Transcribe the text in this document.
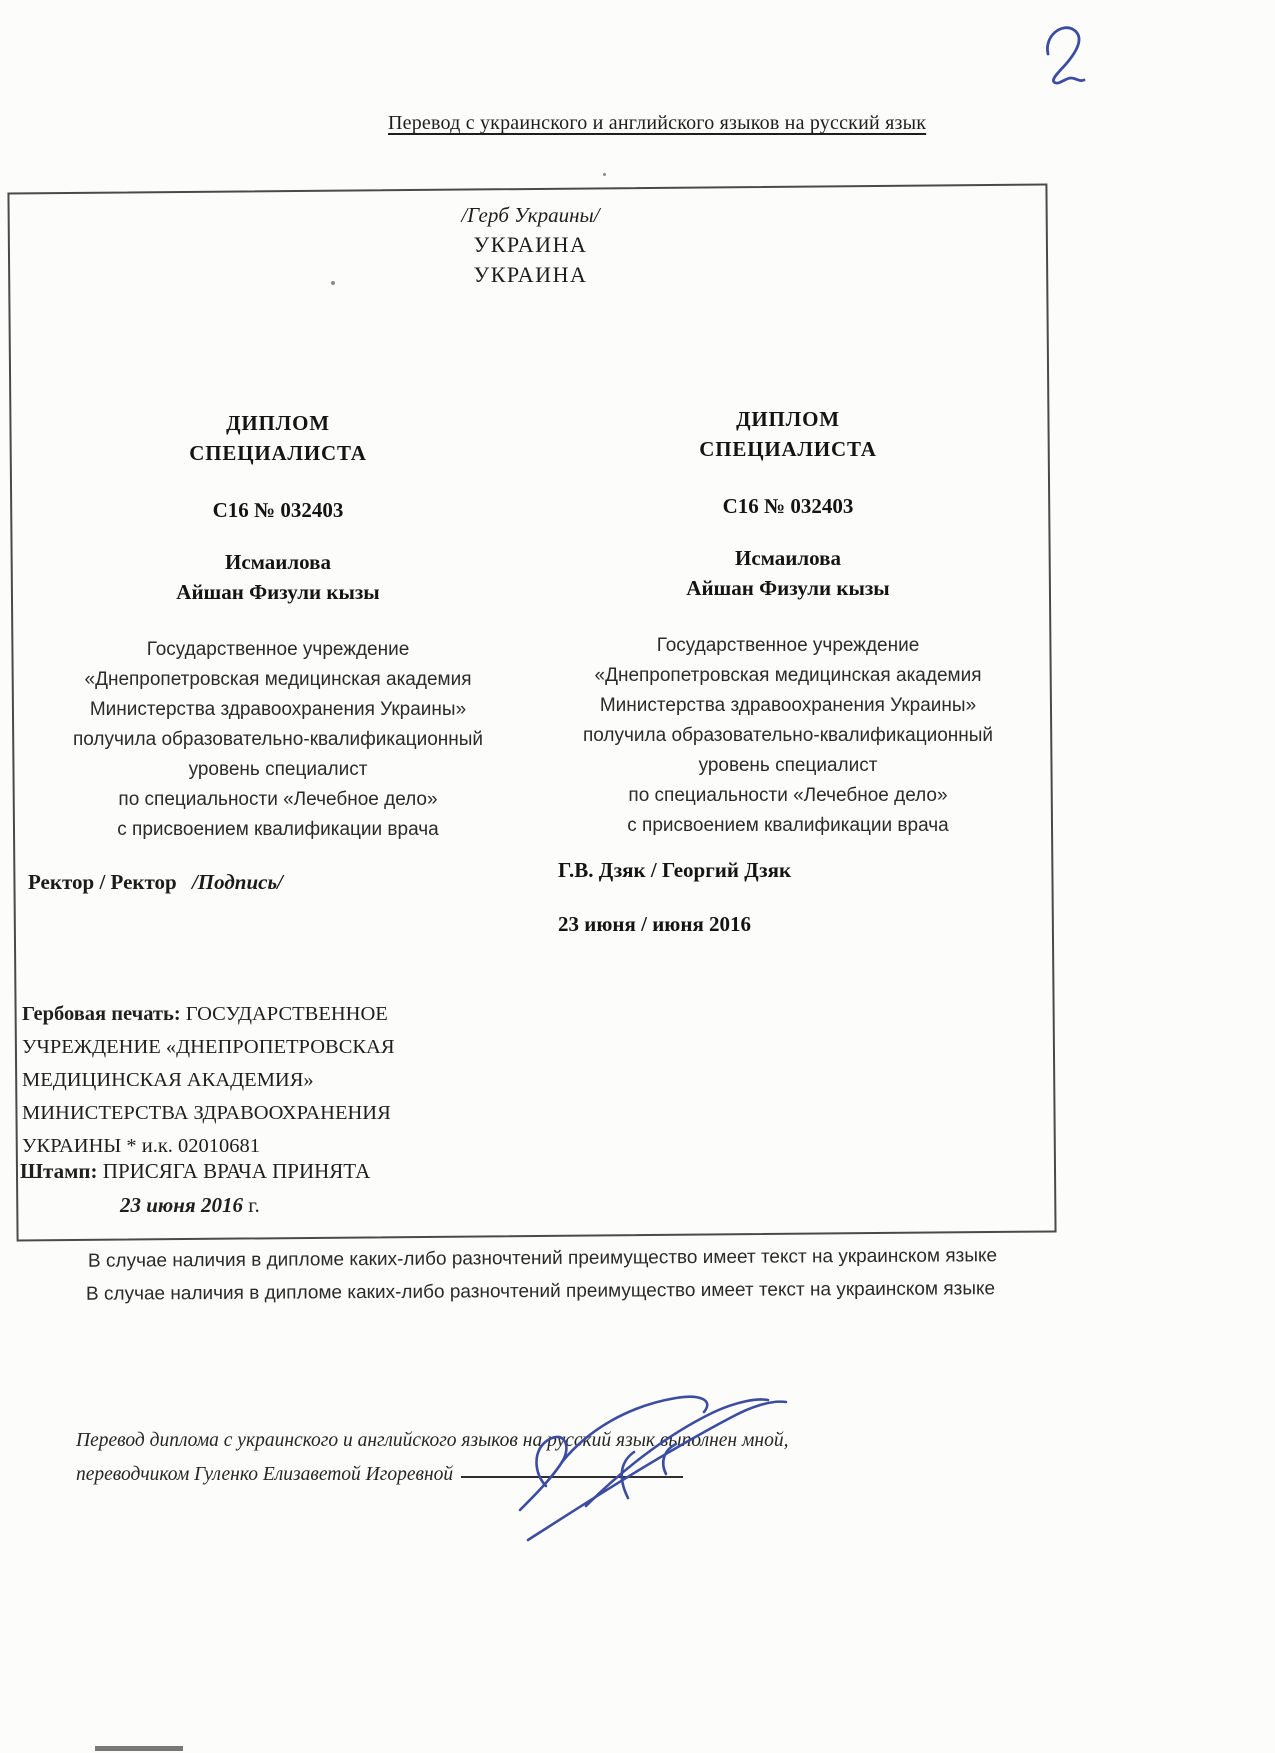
Перевод с украинского и английского языков на русский язык
/Герб Украины/
УКРАИНА
УКРАИНА
ДИПЛОМ
СПЕЦИАЛИСТА
С16 № 032403
Исмаилова
Айшан Физули кызы
Государственное учреждение
«Днепропетровская медицинская академия
Министерства здравоохранения Украины»
получила образовательно-квалификационный
уровень специалист
по специальности «Лечебное дело»
с присвоением квалификации врача
ДИПЛОМ
СПЕЦИАЛИСТА
С16 № 032403
Исмаилова
Айшан Физули кызы
Государственное учреждение
«Днепропетровская медицинская академия
Министерства здравоохранения Украины»
получила образовательно-квалификационный
уровень специалист
по специальности «Лечебное дело»
с присвоением квалификации врача
Ректор / Ректор /Подпись/	Г.В. Дзяк / Георгий Дзяк
23 июня / июня 2016
Гербовая печать: ГОСУДАРСТВЕННОЕ УЧРЕЖДЕНИЕ «ДНЕПРОПЕТРОВСКАЯ МЕДИЦИНСКАЯ АКАДЕМИЯ» МИНИСТЕРСТВА ЗДРАВООХРАНЕНИЯ УКРАИНЫ * и.к. 02010681
Штамп: ПРИСЯГА ВРАЧА ПРИНЯТА
23 июня 2016 г.
В случае наличия в дипломе каких-либо разночтений преимущество имеет текст на украинском языке
В случае наличия в дипломе каких-либо разночтений преимущество имеет текст на украинском языке
Перевод диплома с украинского и английского языков на русский язык выполнен мной,
переводчиком Гуленко Елизаветой Игоревной
